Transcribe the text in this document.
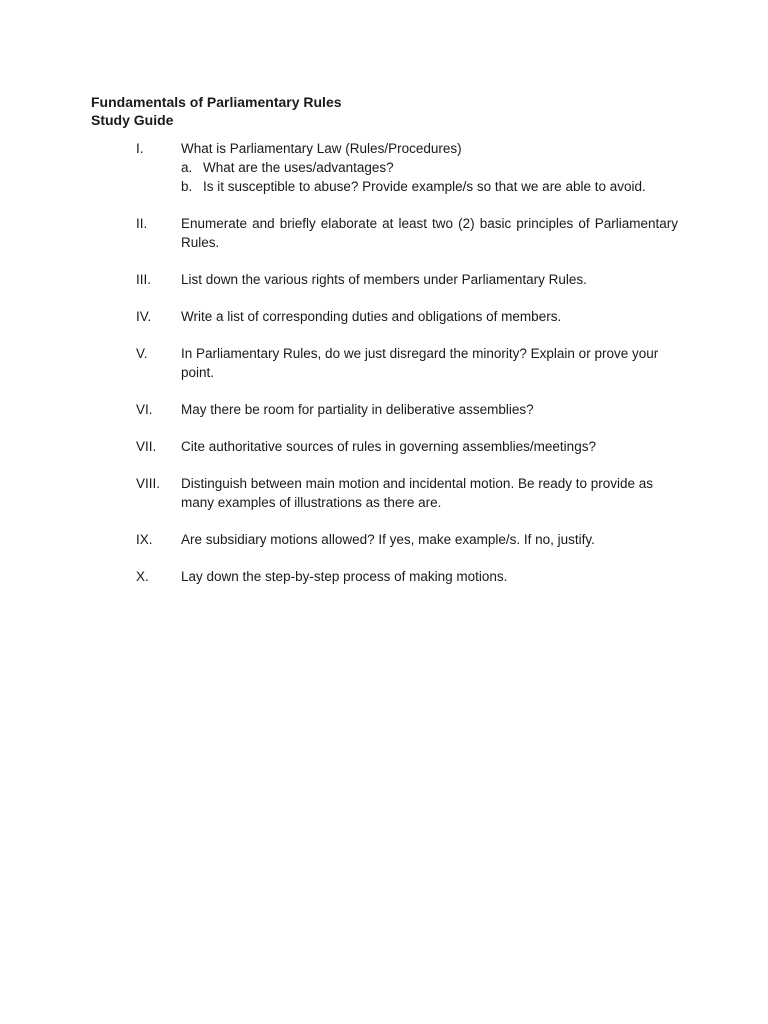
Fundamentals of Parliamentary Rules
Study Guide
I.	What is Parliamentary Law (Rules/Procedures)
a. What are the uses/advantages?
b. Is it susceptible to abuse? Provide example/s so that we are able to avoid.
II.	Enumerate and briefly elaborate at least two (2) basic principles of Parliamentary Rules.
III.	List down the various rights of members under Parliamentary Rules.
IV.	Write a list of corresponding duties and obligations of members.
V.	In Parliamentary Rules, do we just disregard the minority? Explain or prove your point.
VI.	May there be room for partiality in deliberative assemblies?
VII.	Cite authoritative sources of rules in governing assemblies/meetings?
VIII.	Distinguish between main motion and incidental motion. Be ready to provide as many examples of illustrations as there are.
IX.	Are subsidiary motions allowed? If yes, make example/s. If no, justify.
X.	Lay down the step-by-step process of making motions.
